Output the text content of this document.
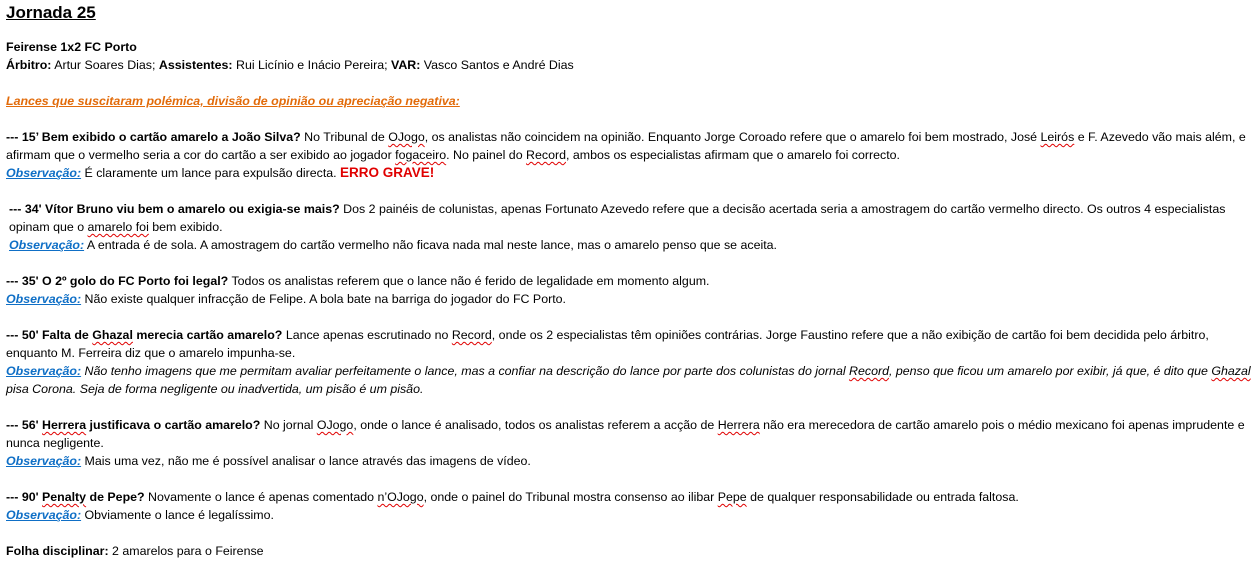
Jornada 25

Feirense 1x2 FC Porto

Árbitro: Artur Soares Dias; Assistentes: Rui Licínio e Inácio Pereira; VAR: Vasco Santos e André Dias

Lances que suscitaram polémica, divisão de opinião ou apreciação negativa:

--- 15’ Bem exibido o cartão amarelo a João Silva? No Tribunal de OJogo, os analistas não coincidem na opinião. Enquanto Jorge Coroado refere que o amarelo foi bem mostrado, José Leirós e F. Azevedo vão mais além, e afirmam que o vermelho seria a cor do cartão a ser exibido ao jogador fogaceiro. No painel do Record, ambos os especialistas afirmam que o amarelo foi correcto.

Observação: É claramente um lance para expulsão directa. ERRO GRAVE!

--- 34' Vítor Bruno viu bem o amarelo ou exigia-se mais? Dos 2 painéis de colunistas, apenas Fortunato Azevedo refere que a decisão acertada seria a amostragem do cartão vermelho directo. Os outros 4 especialistas opinam que o amarelo foi bem exibido.

Observação: A entrada é de sola. A amostragem do cartão vermelho não ficava nada mal neste lance, mas o amarelo penso que se aceita.

--- 35' O 2º golo do FC Porto foi legal? Todos os analistas referem que o lance não é ferido de legalidade em momento algum.

Observação: Não existe qualquer infracção de Felipe. A bola bate na barriga do jogador do FC Porto.

--- 50' Falta de Ghazal merecia cartão amarelo? Lance apenas escrutinado no Record, onde os 2 especialistas têm opiniões contrárias. Jorge Faustino refere que a não exibição de cartão foi bem decidida pelo árbitro, enquanto M. Ferreira diz que o amarelo impunha-se.

Observação: Não tenho imagens que me permitam avaliar perfeitamente o lance, mas a confiar na descrição do lance por parte dos colunistas do jornal Record, penso que ficou um amarelo por exibir, já que, é dito que Ghazal pisa Corona. Seja de forma negligente ou inadvertida, um pisão é um pisão.

--- 56' Herrera justificava o cartão amarelo? No jornal OJogo, onde o lance é analisado, todos os analistas referem a acção de Herrera não era merecedora de cartão amarelo pois o médio mexicano foi apenas imprudente e nunca negligente.

Observação: Mais uma vez, não me é possível analisar o lance através das imagens de vídeo.

--- 90' Penalty de Pepe? Novamente o lance é apenas comentado n’OJogo, onde o painel do Tribunal mostra consenso ao ilibar Pepe de qualquer responsabilidade ou entrada faltosa.

Observação: Obviamente o lance é legalíssimo.

Folha disciplinar: 2 amarelos para o Feirense
